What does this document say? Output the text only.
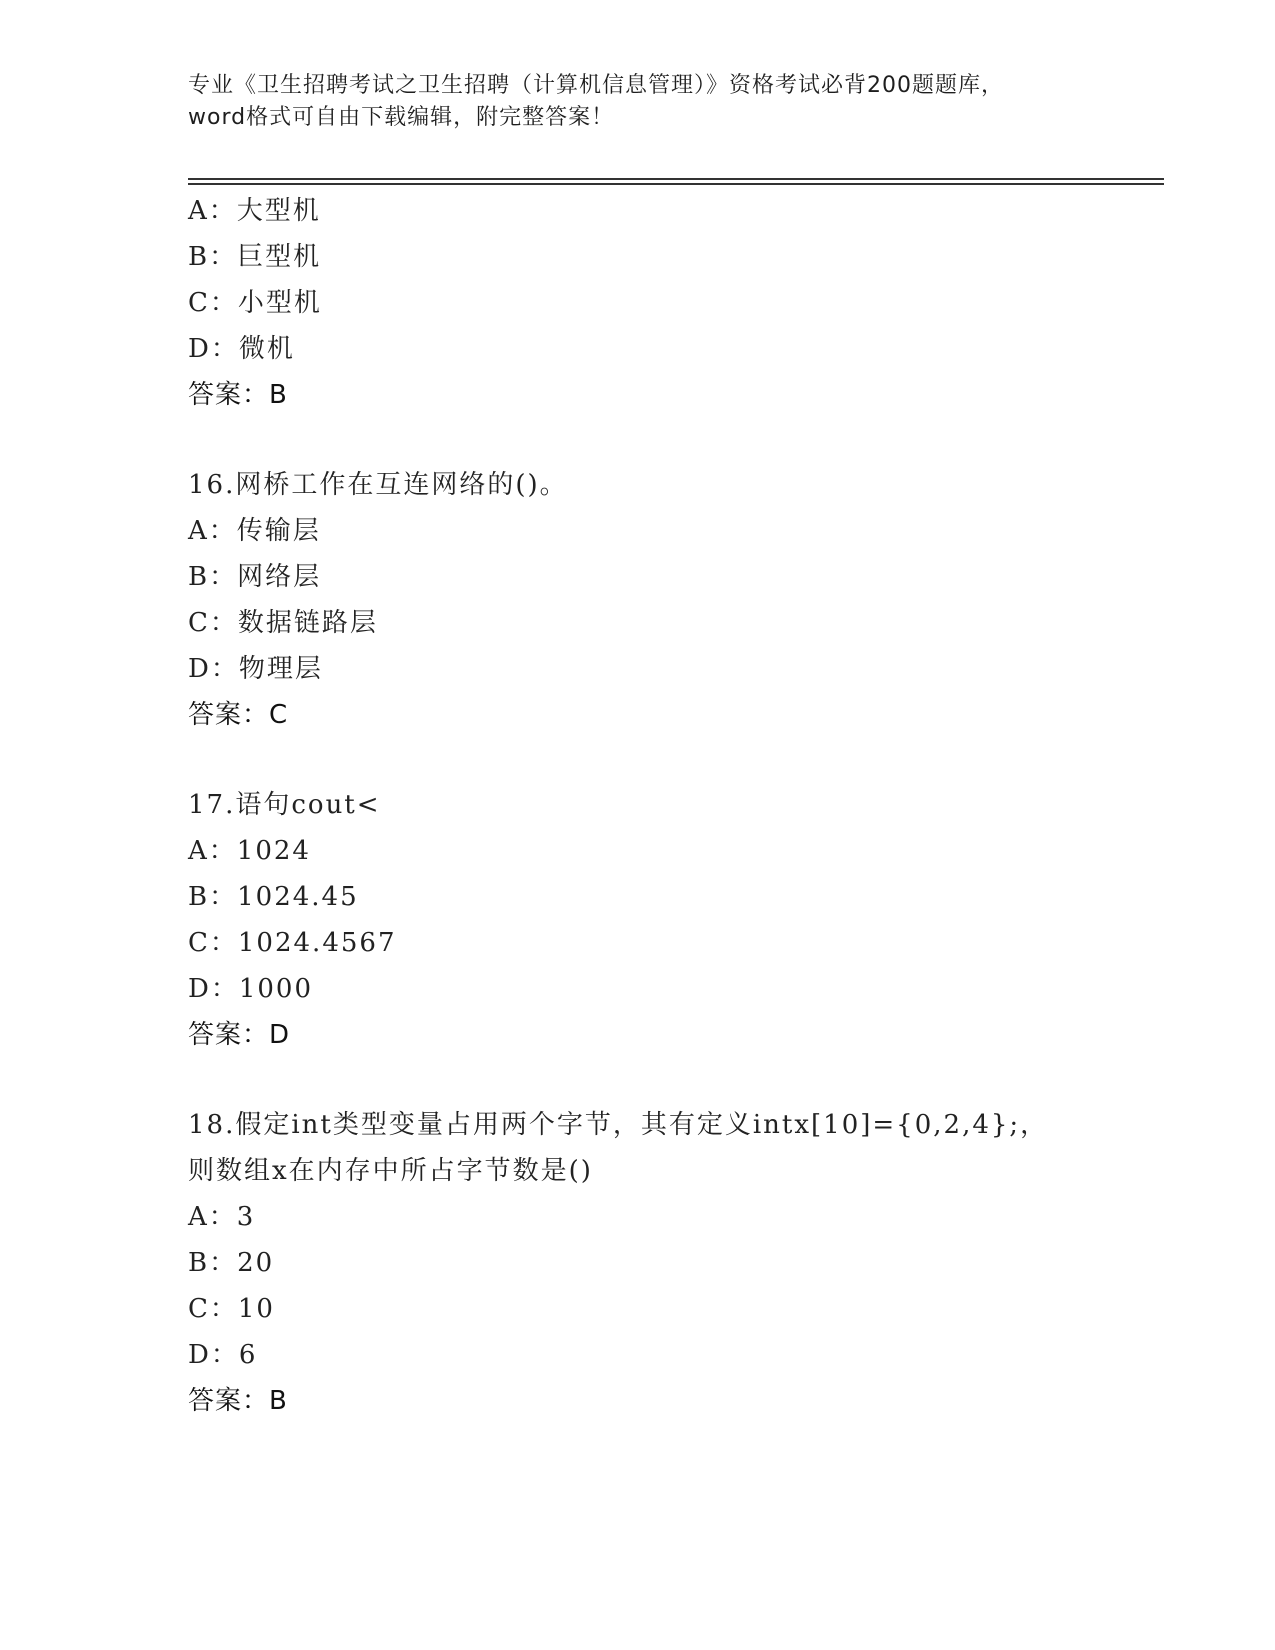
专业《卫生招聘考试之卫生招聘（计算机信息管理）》资格考试必背200题题库，
word格式可自由下载编辑，附完整答案！
A：大型机
B：巨型机
C：小型机
D：微机
答案：B
16.网桥工作在互连网络的()。
A：传输层
B：网络层
C：数据链路层
D：物理层
答案：C
17.语句cout<
A：1024
B：1024.45
C：1024.4567
D：1000
答案：D
18.假定int类型变量占用两个字节，其有定义intx[10]={0,2,4};，
则数组x在内存中所占字节数是()
A：3
B：20
C：10
D：6
答案：B
